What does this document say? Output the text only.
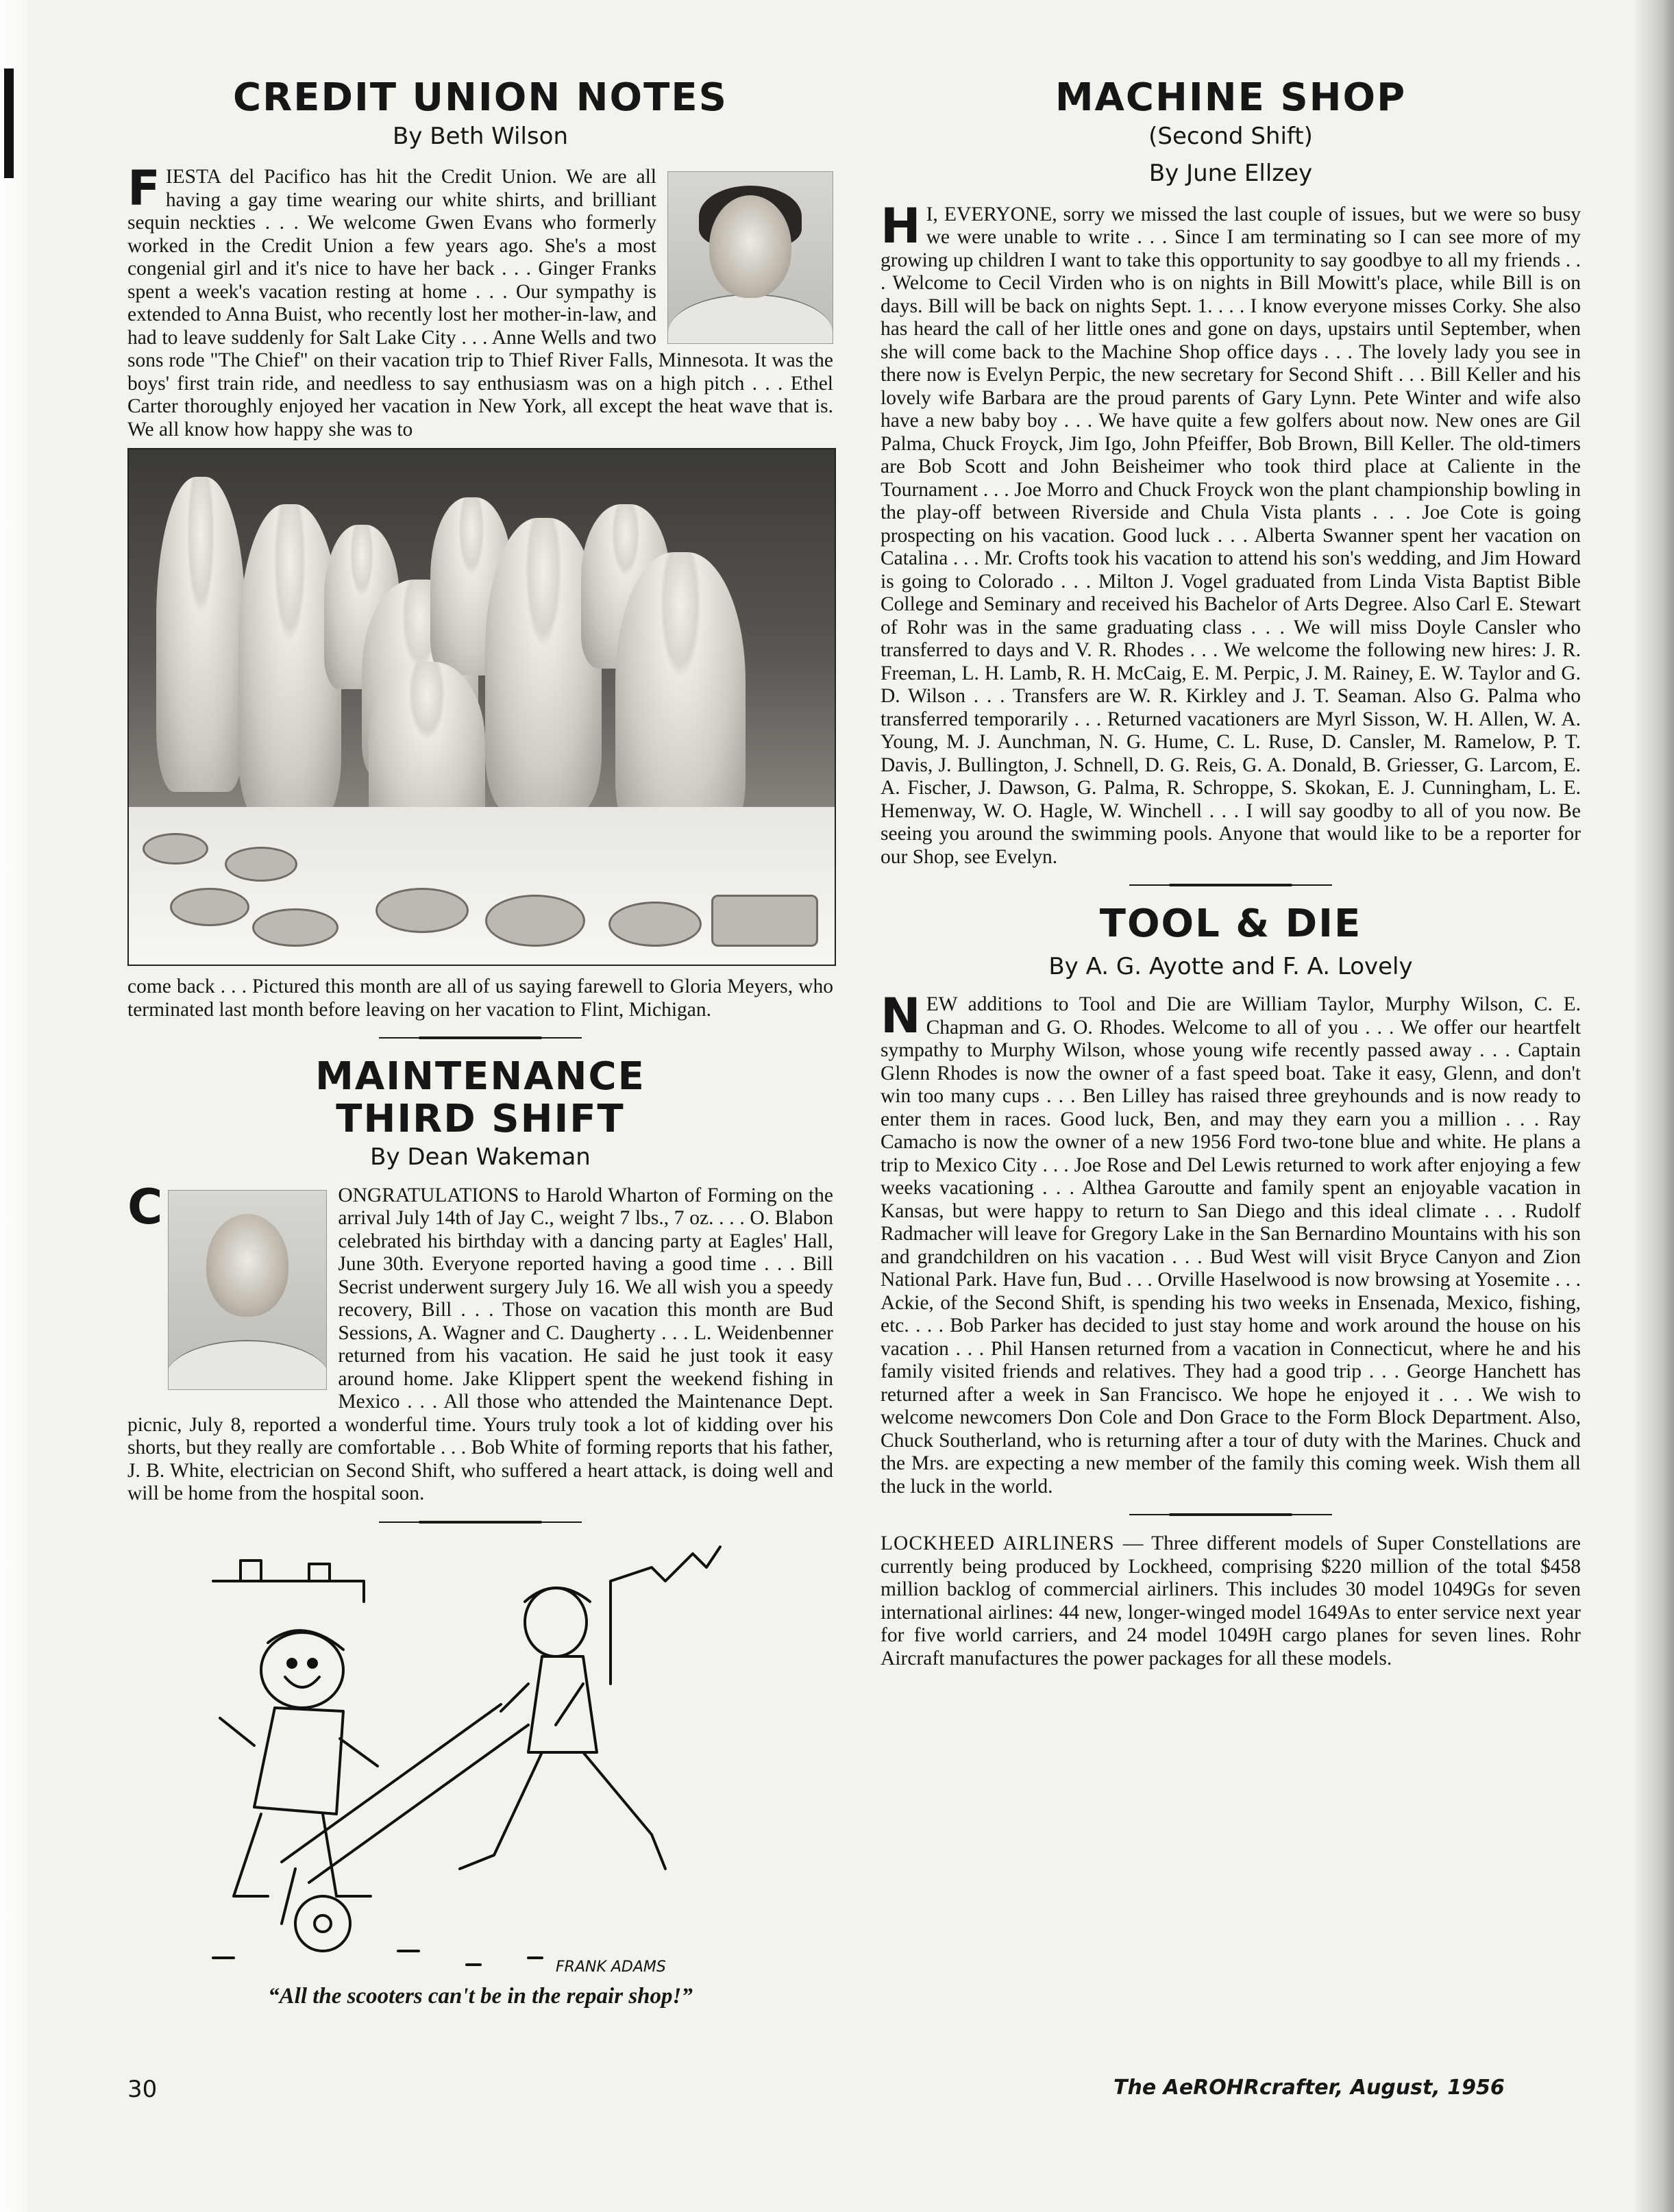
CREDIT UNION NOTES
By Beth Wilson

FIESTA del Pacifico has hit the Credit Union. We are all having a gay time wearing our white shirts, and brilliant sequin neckties . . . We welcome Gwen Evans who formerly worked in the Credit Union a few years ago. She's a most congenial girl and it's nice to have her back . . . Ginger Franks spent a week's vacation resting at home . . . Our sympathy is extended to Anna Buist, who recently lost her mother-in-law, and had to leave suddenly for Salt Lake City . . . Anne Wells and two sons rode "The Chief" on their vacation trip to Thief River Falls, Minnesota. It was the boys' first train ride, and needless to say enthusiasm was on a high pitch . . . Ethel Carter thoroughly enjoyed her vacation in New York, all except the heat wave that is. We all know how happy she was to

come back . . . Pictured this month are all of us saying farewell to Gloria Meyers, who terminated last month before leaving on her vacation to Flint, Michigan.

MAINTENANCE
THIRD SHIFT
By Dean Wakeman

C	ONGRATULATIONS to Harold Wharton of Forming on the arrival July 14th of Jay C., weight 7 lbs., 7 oz. . . . O. Blabon celebrated his birthday with a dancing party at Eagles' Hall, June 30th. Everyone reported having a good time . . . Bill Secrist underwent surgery July 16. We all wish you a speedy recovery, Bill . . . Those on vacation this month are Bud Sessions, A. Wagner and C. Daugherty . . . L. Weidenbenner returned from his vacation. He said he just took it easy around home. Jake Klippert spent the weekend fishing in Mexico . . . All those who attended the Maintenance Dept. picnic, July 8, reported a wonderful time. Yours truly took a lot of kidding over his shorts, but they really are comfortable . . . Bob White of forming reports that his father, J. B. White, electrician on Second Shift, who suffered a heart attack, is doing well and will be home from the hospital soon.

FRANK ADAMS

“All the scooters can't be in the repair shop!”

MACHINE SHOP
(Second Shift)
By June Ellzey

H I, EVERYONE, sorry we missed the last couple of issues, but we were so busy we were unable to write . . . Since I am terminating so I can see more of my growing up children I want to take this opportunity to say goodbye to all my friends . . . Welcome to Cecil Virden who is on nights in Bill Mowitt's place, while Bill is on days. Bill will be back on nights Sept. 1. . . . I know everyone misses Corky. She also has heard the call of her little ones and gone on days, upstairs until September, when she will come back to the Machine Shop office days . . . The lovely lady you see in there now is Evelyn Perpic, the new secretary for Second Shift . . . Bill Keller and his lovely wife Barbara are the proud parents of Gary Lynn. Pete Winter and wife also have a new baby boy . . . We have quite a few golfers about now. New ones are Gil Palma, Chuck Froyck, Jim Igo, John Pfeiffer, Bob Brown, Bill Keller. The old-timers are Bob Scott and John Beisheimer who took third place at Caliente in the Tournament . . . Joe Morro and Chuck Froyck won the plant championship bowling in the play-off between Riverside and Chula Vista plants . . . Joe Cote is going prospecting on his vacation. Good luck . . . Alberta Swanner spent her vacation on Catalina . . . Mr. Crofts took his vacation to attend his son's wedding, and Jim Howard is going to Colorado . . . Milton J. Vogel graduated from Linda Vista Baptist Bible College and Seminary and received his Bachelor of Arts Degree. Also Carl E. Stewart of Rohr was in the same graduating class . . . We will miss Doyle Cansler who transferred to days and V. R. Rhodes . . . We welcome the following new hires: J. R. Freeman, L. H. Lamb, R. H. McCaig, E. M. Perpic, J. M. Rainey, E. W. Taylor and G. D. Wilson . . . Transfers are W. R. Kirkley and J. T. Seaman. Also G. Palma who transferred temporarily . . . Returned vacationers are Myrl Sisson, W. H. Allen, W. A. Young, M. J. Aunchman, N. G. Hume, C. L. Ruse, D. Cansler, M. Ramelow, P. T. Davis, J. Bullington, J. Schnell, D. G. Reis, G. A. Donald, B. Griesser, G. Larcom, E. A. Fischer, J. Dawson, G. Palma, R. Schroppe, S. Skokan, E. J. Cunningham, L. E. Hemenway, W. O. Hagle, W. Winchell . . . I will say goodby to all of you now. Be seeing you around the swimming pools. Anyone that would like to be a reporter for our Shop, see Evelyn.

TOOL & DIE
By A. G. Ayotte and F. A. Lovely

NEW additions to Tool and Die are William Taylor, Murphy Wilson, C. E. Chapman and G. O. Rhodes. Welcome to all of you . . . We offer our heartfelt sympathy to Murphy Wilson, whose young wife recently passed away . . . Captain Glenn Rhodes is now the owner of a fast speed boat. Take it easy, Glenn, and don't win too many cups . . . Ben Lilley has raised three greyhounds and is now ready to enter them in races. Good luck, Ben, and may they earn you a million . . . Ray Camacho is now the owner of a new 1956 Ford two-tone blue and white. He plans a trip to Mexico City . . . Joe Rose and Del Lewis returned to work after enjoying a few weeks vacationing . . . Althea Garoutte and family spent an enjoyable vacation in Kansas, but were happy to return to San Diego and this ideal climate . . . Rudolf Radmacher will leave for Gregory Lake in the San Bernardino Mountains with his son and grandchildren on his vacation . . . Bud West will visit Bryce Canyon and Zion National Park. Have fun, Bud . . . Orville Haselwood is now browsing at Yosemite . . . Ackie, of the Second Shift, is spending his two weeks in Ensenada, Mexico, fishing, etc. . . . Bob Parker has decided to just stay home and work around the house on his vacation . . . Phil Hansen returned from a vacation in Connecticut, where he and his family visited friends and relatives. They had a good trip . . . George Hanchett has returned after a week in San Francisco. We hope he enjoyed it . . . We wish to welcome newcomers Don Cole and Don Grace to the Form Block Department. Also, Chuck Southerland, who is returning after a tour of duty with the Marines. Chuck and the Mrs. are expecting a new member of the family this coming week. Wish them all the luck in the world.

LOCKHEED AIRLINERS — Three different models of Super Constellations are currently being produced by Lockheed, comprising $220 million of the total $458 million backlog of commercial airliners. This includes 30 model 1049Gs for seven international airlines: 44 new, longer-winged model 1649As to enter service next year for five world carriers, and 24 model 1049H cargo planes for seven lines. Rohr Aircraft manufactures the power packages for all these models.

30	The AeROHRcrafter, August, 1956
